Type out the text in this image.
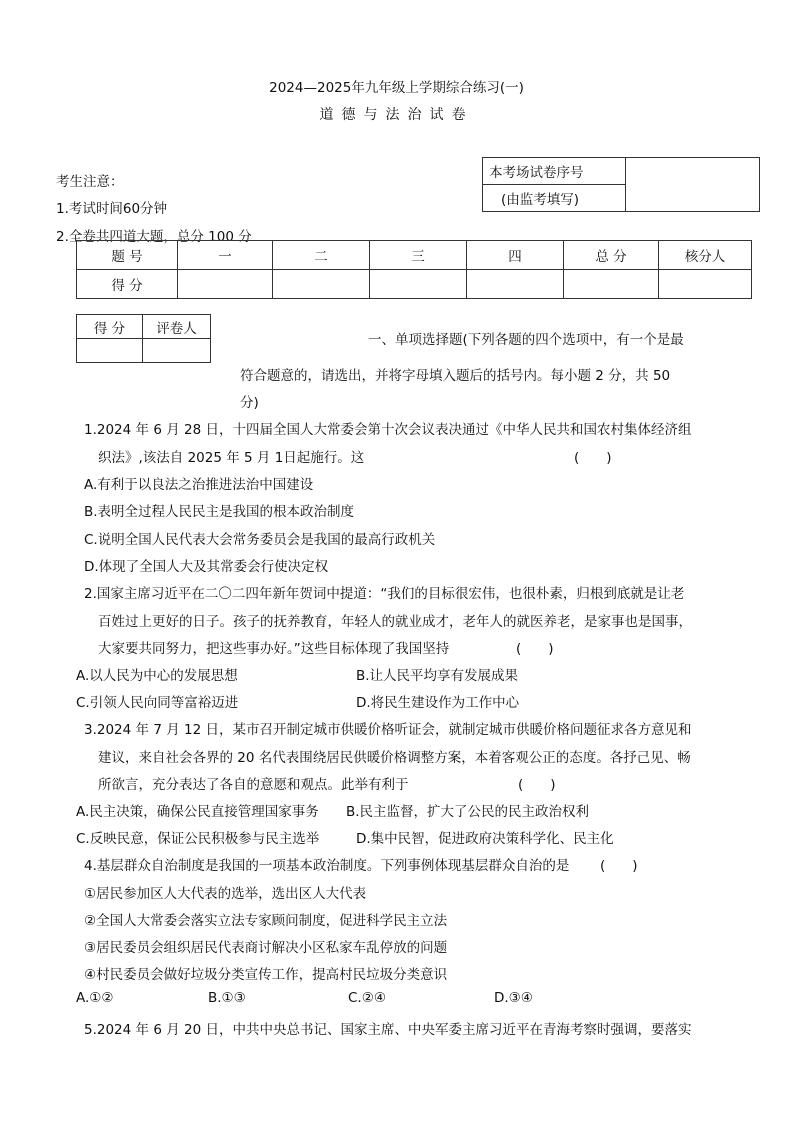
2024—2025年九年级上学期综合练习(一)
道德与法治试卷
考生注意：
1.考试时间60分钟
2.全卷共四道大题，总分 100 分
本考场试卷序号	
(由监考填写)
题 号	一	二	三	四	总 分	核分人
得 分						
得 分	评卷人

一、单项选择题(下列各题的四个选项中，有一个是最
符合题意的，请选出，并将字母填入题后的括号内。每小题 2 分，共 50
分)
1.2024 年 6 月 28 日，十四届全国人大常委会第十次会议表决通过《中华人民共和国农村集体经济组
织法》,该法自 2025 年 5 月 1日起施行。这	(　　)
A.有利于以良法之治推进法治中国建设
B.表明全过程人民民主是我国的根本政治制度
C.说明全国人民代表大会常务委员会是我国的最高行政机关
D.体现了全国人大及其常委会行使决定权
2.国家主席习近平在二〇二四年新年贺词中提道：“我们的目标很宏伟，也很朴素，归根到底就是让老
百姓过上更好的日子。孩子的抚养教育，年轻人的就业成才，老年人的就医养老，是家事也是国事，
大家要共同努力，把这些事办好。”这些目标体现了我国坚持	(　　)
A.以人民为中心的发展思想	B.让人民平均享有发展成果
C.引领人民向同等富裕迈进	D.将民生建设作为工作中心
3.2024 年 7 月 12 日，某市召开制定城市供暖价格听证会，就制定城市供暖价格问题征求各方意见和
建议，来自社会各界的 20 名代表围绕居民供暖价格调整方案，本着客观公正的态度。各抒己见、畅
所欲言，充分表达了各自的意愿和观点。此举有利于	(　　)
A.民主决策，确保公民直接管理国家事务 B.民主监督，扩大了公民的民主政治权利
C.反映民意，保证公民积极参与民主选举	D.集中民智，促进政府决策科学化、民主化
4.基层群众自治制度是我国的一项基本政治制度。下列事例体现基层群众自治的是 (　　)
①居民参加区人大代表的选举，选出区人大代表
②全国人大常委会落实立法专家顾问制度，促进科学民主立法
③居民委员会组织居民代表商讨解决小区私家车乱停放的问题
④村民委员会做好垃圾分类宣传工作，提高村民垃圾分类意识
A.①②	B.①③	C.②④	D.③④
5.2024 年 6 月 20 日，中共中央总书记、国家主席、中央军委主席习近平在青海考察时强调，要落实
